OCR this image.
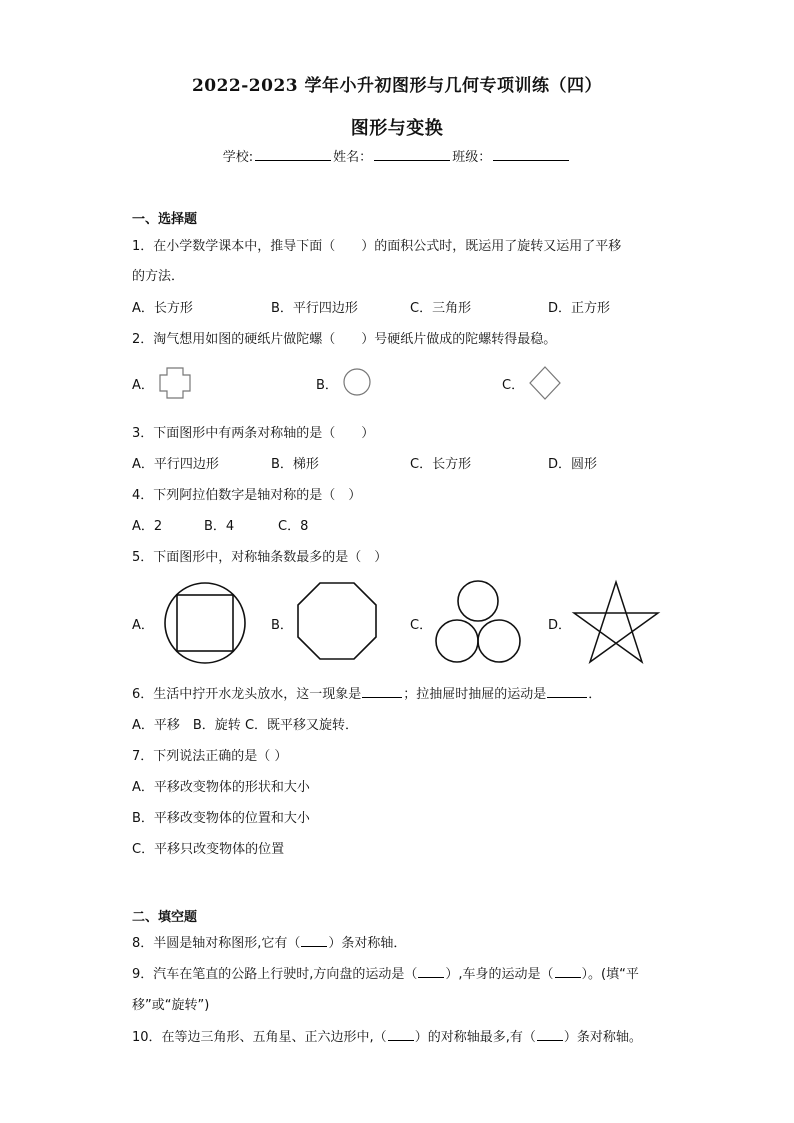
2022-2023 学年小升初图形与几何专项训练（四）
图形与变换
学校:	姓名：	班级：
一、选择题
1．在小学数学课本中，推导下面（　　）的面积公式时，既运用了旋转又运用了平移
的方法．
A．长方形	B．平行四边形	C．三角形	D．正方形
2．淘气想用如图的硬纸片做陀螺（　　）号硬纸片做成的陀螺转得最稳。
A．	B．	C．
3．下面图形中有两条对称轴的是（　　）
A．平行四边形	B．梯形	C．长方形	D．圆形
4．下列阿拉伯数字是轴对称的是（　）
A．2	B．4	C．8
5．下面图形中，对称轴条数最多的是（　）
A．	B．	C．	D．
6．生活中拧开水龙头放水，这一现象是	；拉抽屉时抽屉的运动是	．
A．平移　B．旋转 C．既平移又旋转．
7．下列说法正确的是（ ）
A．平移改变物体的形状和大小
B．平移改变物体的位置和大小
C．平移只改变物体的位置
二、填空题
8．半圆是轴对称图形,它有（ ）条对称轴．
9．汽车在笔直的公路上行驶时,方向盘的运动是（ ）,车身的运动是（ ）。(填“平
移”或“旋转”)
10．在等边三角形、五角星、正六边形中,（ ）的对称轴最多,有（ ）条对称轴。
